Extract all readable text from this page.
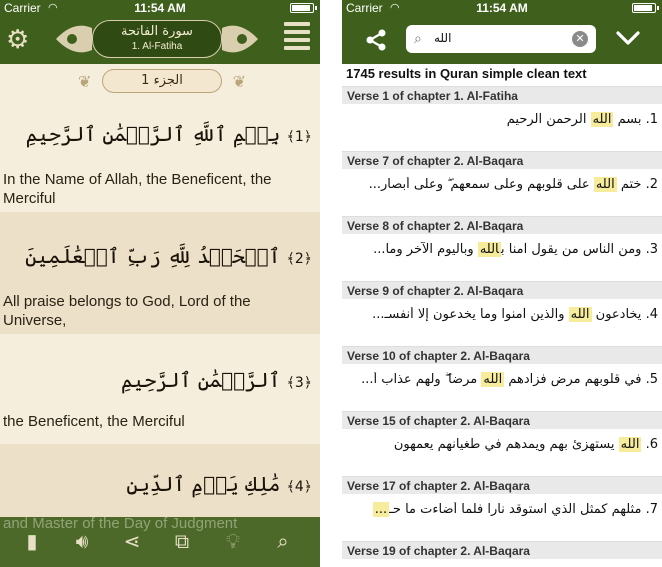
Carrier ◠	11:54 AM
⚙	سورة الفاتحة
1. Al-Fatiha
❦	الجزء 1	❦
﴿1﴾ بِسۡمِ ٱللَّهِ ٱلرَّحۡمَٰنِ ٱلرَّحِيمِ
In the Name of Allah, the Beneficent, the Merciful
﴿2﴾ ٱلۡحَمۡدُ لِلَّهِ رَبِّ ٱلۡعَٰلَمِينَ
All praise belongs to God, Lord of the Universe,
﴿3﴾ ٱلرَّحۡمَٰنِ ٱلرَّحِيمِ
the Beneficent, the Merciful
﴿4﴾ مَٰلِكِ يَوۡمِ ٱلدِّينِ
and Master of the Day of Judgment
▮	🔊︎ ⋖ ⧉ 💡︎	⌕
Carrier ◠	11:54 AM
⌕ الله	✕
1745 results in Quran simple clean text
Verse 1 of chapter 1. Al-Fatiha
1. بسم الله الرحمن الرحيم
Verse 7 of chapter 2. Al-Baqara
2. ختم الله على قلوبهم وعلى سمعهم ۖ وعلى أبصار...
Verse 8 of chapter 2. Al-Baqara
3. ومن الناس من يقول آمنا بالله وباليوم الآخر وما...
Verse 9 of chapter 2. Al-Baqara
4. يخادعون الله والذين آمنوا وما يخدعون إلا أنفسـ...
Verse 10 of chapter 2. Al-Baqara
5. في قلوبهم مرض فزادهم الله مرضا ۖ ولهم عذاب أ...
Verse 15 of chapter 2. Al-Baqara
6. الله يستهزئ بهم ويمدهم في طغيانهم يعمهون
Verse 17 of chapter 2. Al-Baqara
7. مثلهم كمثل الذي استوقد نارا فلما أضاءت ما حـ...
Verse 19 of chapter 2. Al-Baqara
